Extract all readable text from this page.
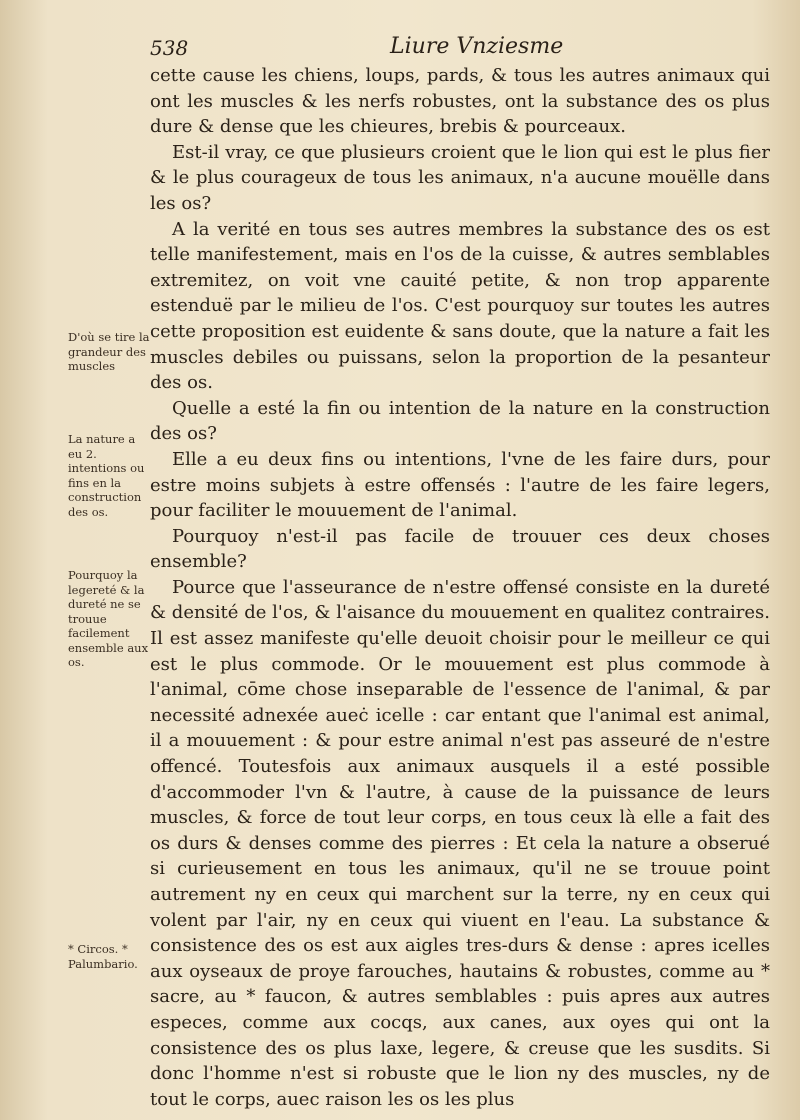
538	Liure Vnziesme

cette cause les chiens, loups, pards, & tous les autres animaux qui ont les muscles & les nerfs robustes, ont la substance des os plus dure & dense que les chieures, brebis & pourceaux.

Est-il vray, ce que plusieurs croient que le lion qui est le plus fier & le plus courageux de tous les animaux, n'a aucune mouëlle dans les os?

A la verité en tous ses autres membres la substance des os est telle manifestement, mais en l'os de la cuisse, & autres semblables extremitez, on voit vne cauité petite, & non trop apparente estenduë par le milieu de l'os. C'est pourquoy sur toutes les autres cette proposition est euidente & sans doute, que la nature a fait les muscles debiles ou puissans, selon la proportion de la pesanteur des os.

Quelle a esté la fin ou intention de la nature en la construction des os?

Elle a eu deux fins ou intentions, l'vne de les faire durs, pour estre moins subjets à estre offensés : l'autre de les faire legers, pour faciliter le mouuement de l'animal.

Pourquoy n'est-il pas facile de trouuer ces deux choses ensemble?

Pource que l'asseurance de n'estre offensé consiste en la dureté & densité de l'os, & l'aisance du mouuement en qualitez contraires. Il est assez manifeste qu'elle deuoit choisir pour le meilleur ce qui est le plus commode. Or le mouuement est plus commode à l'animal, cōme chose inseparable de l'essence de l'animal, & par necessité adnexée aueċ icelle : car entant que l'animal est animal, il a mouuement : & pour estre animal n'est pas asseuré de n'estre offencé. Toutesfois aux animaux ausquels il a esté possible d'accommoder l'vn & l'autre, à cause de la puissance de leurs muscles, & force de tout leur corps, en tous ceux là elle a fait des os durs & denses comme des pierres : Et cela la nature a obserué si curieusement en tous les animaux, qu'il ne se trouue point autrement ny en ceux qui marchent sur la terre, ny en ceux qui volent par l'air, ny en ceux qui viuent en l'eau. La substance & consistence des os est aux aigles tres-durs & dense : apres icelles aux oyseaux de proye farouches, hautains & robustes, comme au * sacre, au * faucon, & autres semblables : puis apres aux autres especes, comme aux cocqs, aux canes, aux oyes qui ont la consistence des os plus laxe, legere, & creuse que les susdits. Si donc l'homme n'est si robuste que le lion ny des muscles, ny de tout le corps, auec raison les os les plus

D'où se tire la grandeur des muscles
La nature a eu 2. intentions ou fins en la construction des os.
Pourquoy la legereté & la dureté ne se trouue facilement ensemble aux os.
* Circos. * Palumbario.
